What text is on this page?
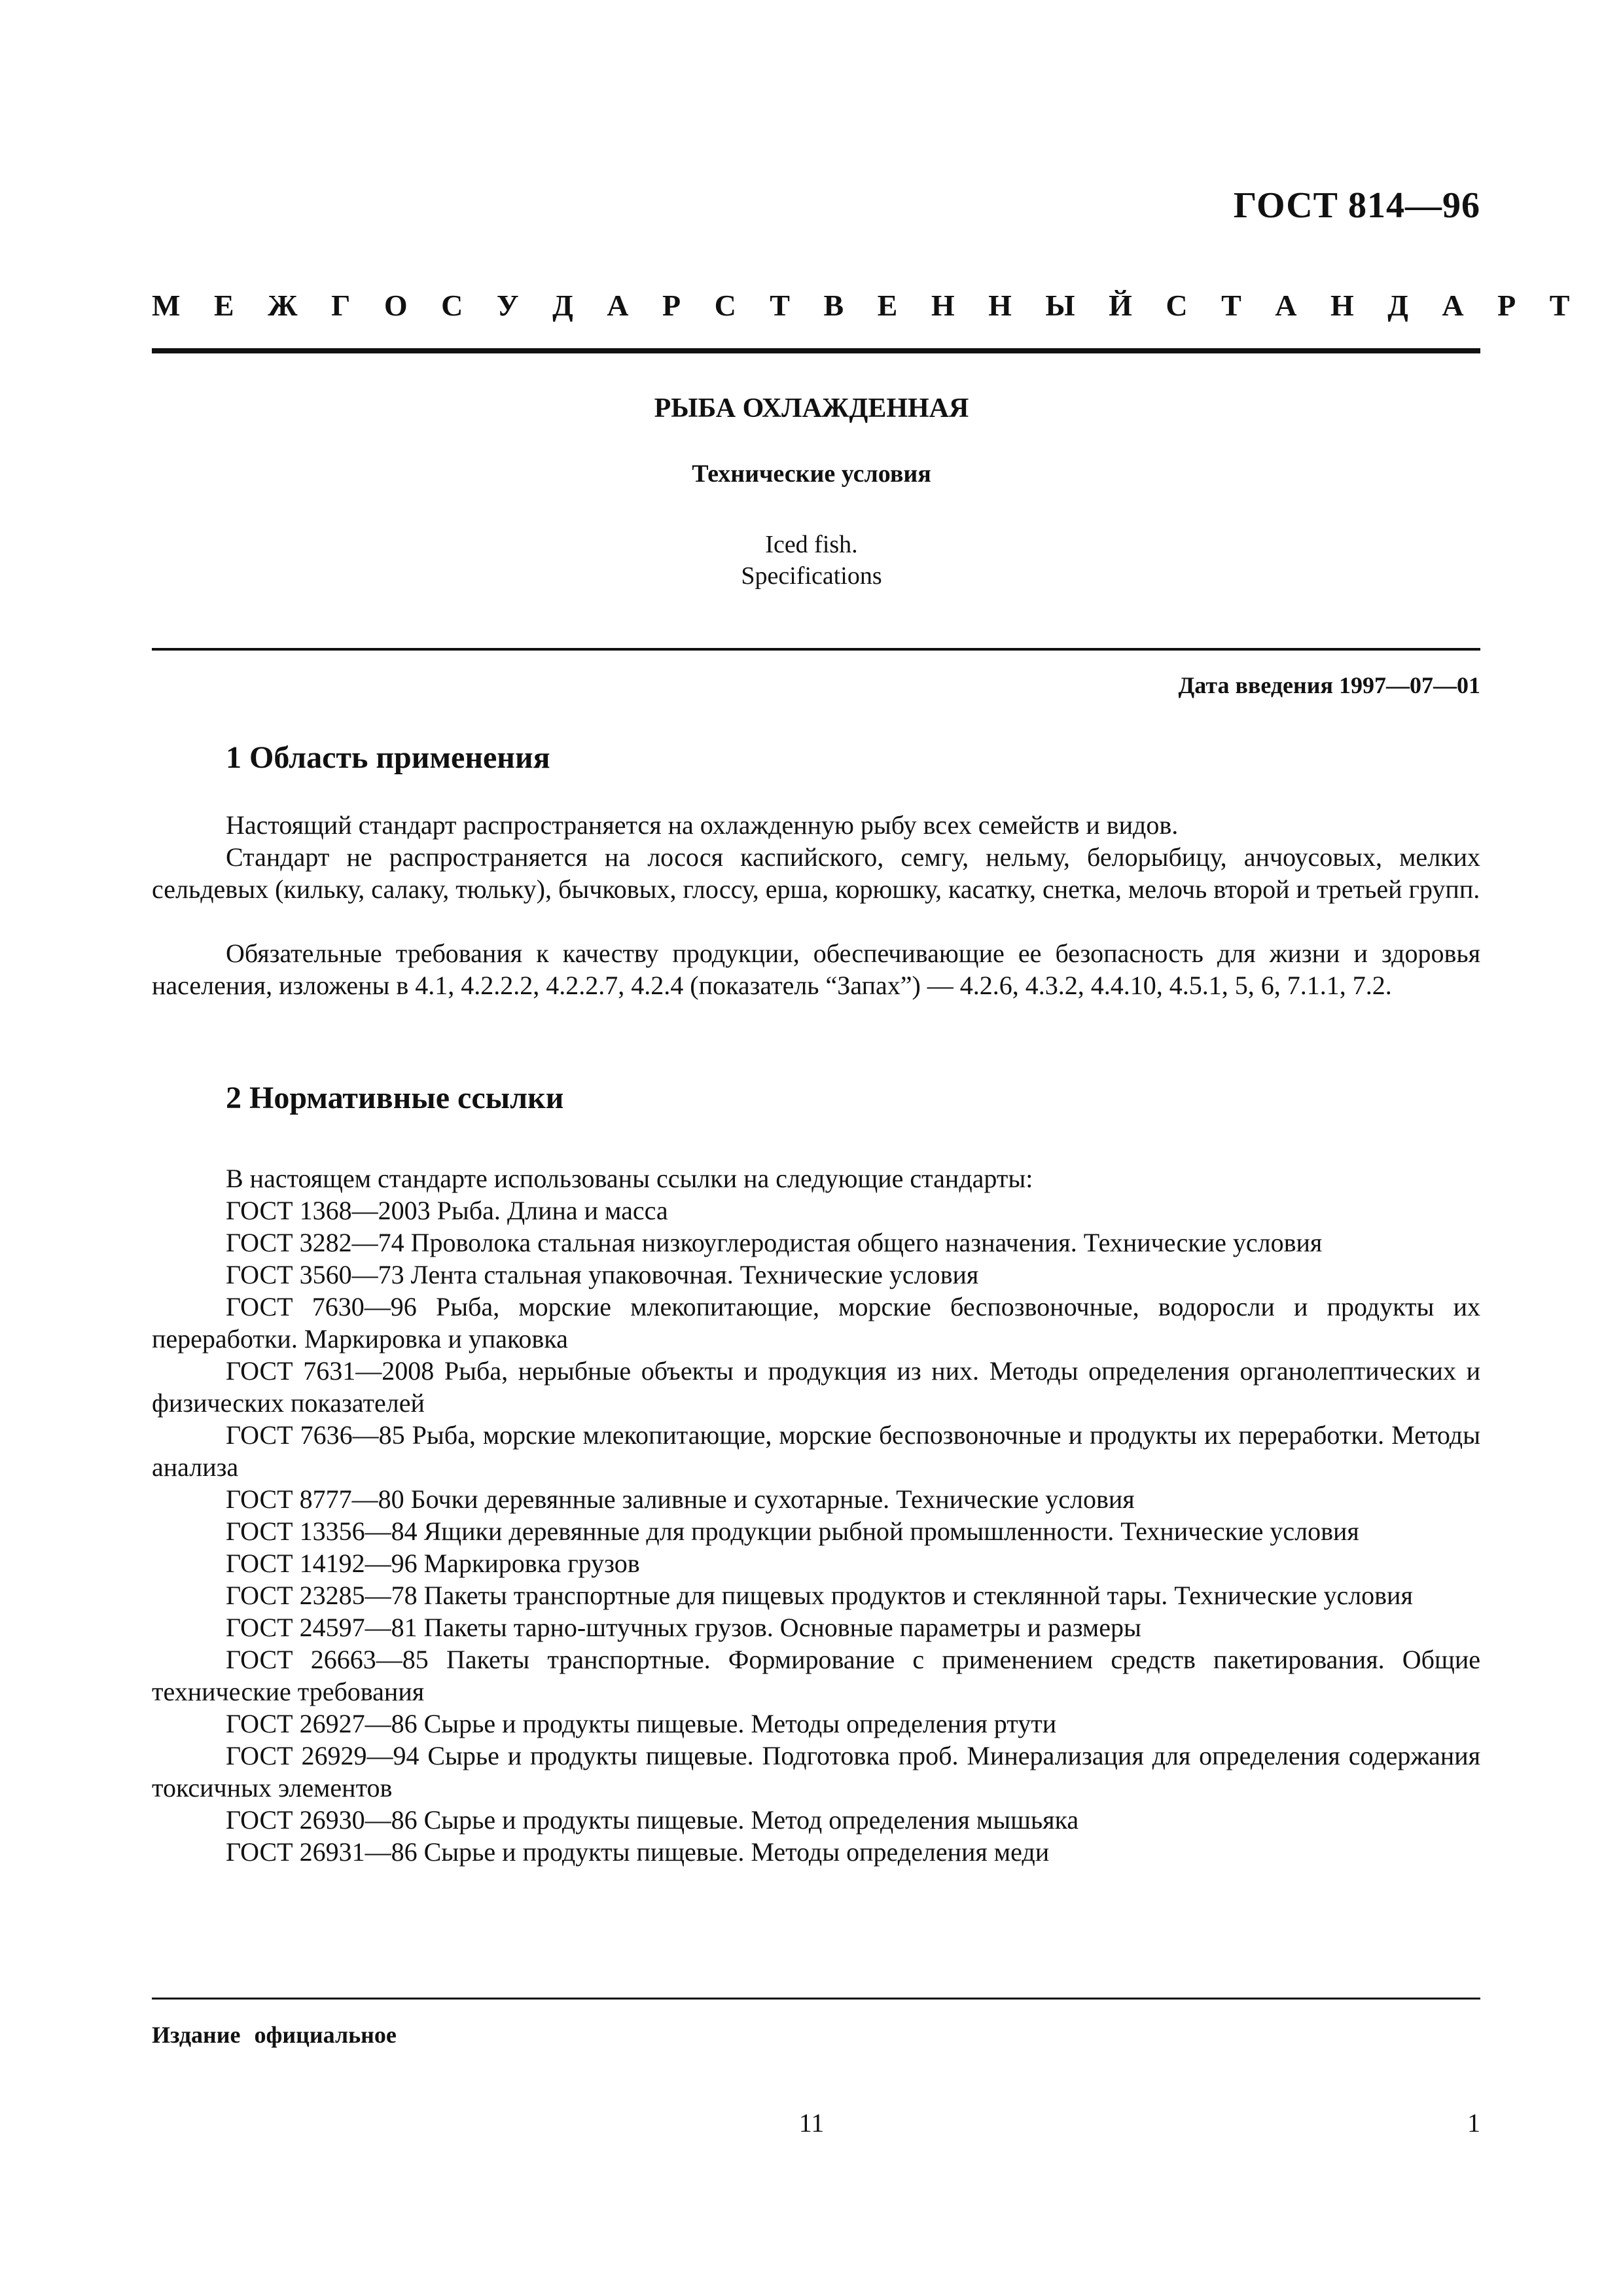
ГОСТ 814—96
М Е Ж Г О С У Д А Р С Т В Е Н Н Ы Й С Т А Н Д А Р Т
РЫБА ОХЛАЖДЕННАЯ
Технические условия
Iced fish.
Specifications
Дата введения 1997—07—01
1 Область применения
Настоящий стандарт распространяется на охлажденную рыбу всех семейств и видов.
Стандарт не распространяется на лосося каспийского, семгу, нельму, белорыбицу, анчоусовых, мелких сельдевых (кильку, салаку, тюльку), бычковых, глоссу, ерша, корюшку, касатку, снетка, мелочь второй и третьей групп.
Обязательные требования к качеству продукции, обеспечивающие ее безопасность для жизни и здоровья населения, изложены в 4.1, 4.2.2.2, 4.2.2.7, 4.2.4 (показатель “Запах”) — 4.2.6, 4.3.2, 4.4.10, 4.5.1, 5, 6, 7.1.1, 7.2.
2 Нормативные ссылки

В настоящем стандарте использованы ссылки на следующие стандарты:

ГОСТ 1368—2003 Рыба. Длина и масса

ГОСТ 3282—74 Проволока стальная низкоуглеродистая общего назначения. Технические условия

ГОСТ 3560—73 Лента стальная упаковочная. Технические условия

ГОСТ 7630—96 Рыба, морские млекопитающие, морские беспозвоночные, водоросли и продукты их переработки. Маркировка и упаковка

ГОСТ 7631—2008 Рыба, нерыбные объекты и продукция из них. Методы определения органолептических и физических показателей

ГОСТ 7636—85 Рыба, морские млекопитающие, морские беспозвоночные и продукты их переработки. Методы анализа

ГОСТ 8777—80 Бочки деревянные заливные и сухотарные. Технические условия

ГОСТ 13356—84 Ящики деревянные для продукции рыбной промышленности. Технические условия

ГОСТ 14192—96 Маркировка грузов

ГОСТ 23285—78 Пакеты транспортные для пищевых продуктов и стеклянной тары. Технические условия

ГОСТ 24597—81 Пакеты тарно-штучных грузов. Основные параметры и размеры

ГОСТ 26663—85 Пакеты транспортные. Формирование с применением средств пакетирования. Общие технические требования

ГОСТ 26927—86 Сырье и продукты пищевые. Методы определения ртути

ГОСТ 26929—94 Сырье и продукты пищевые. Подготовка проб. Минерализация для определения содержания токсичных элементов

ГОСТ 26930—86 Сырье и продукты пищевые. Метод определения мышьяка

ГОСТ 26931—86 Сырье и продукты пищевые. Методы определения меди

Издание официальное
11	1
